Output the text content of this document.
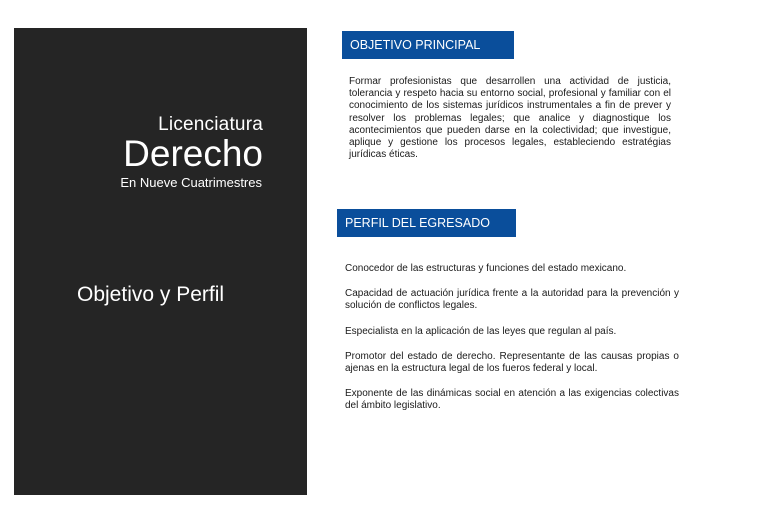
Licenciatura
Derecho
En Nueve Cuatrimestres
Objetivo y Perfil
OBJETIVO PRINCIPAL
Formar profesionistas que desarrollen una actividad de justicia, tolerancia y respeto hacia su entorno social, profesional y familiar con el conocimiento de los sistemas jurídicos instrumentales a fin de prever y resolver los problemas legales; que analice y diagnostique los acontecimientos que pueden darse en la colectividad; que investigue, aplique y gestione los procesos legales, estableciendo estratégias jurídicas éticas.
PERFIL DEL EGRESADO
Conocedor de las estructuras y funciones del estado mexicano.
Capacidad de actuación jurídica frente a la autoridad para la prevención y solución de conflictos legales.
Especialista en la aplicación de las leyes que regulan al país.
Promotor del estado de derecho. Representante de las causas propias o ajenas en la estructura legal de los fueros federal y local.
Exponente de las dinámicas social en atención a las exigencias colectivas del ámbito legislativo.
